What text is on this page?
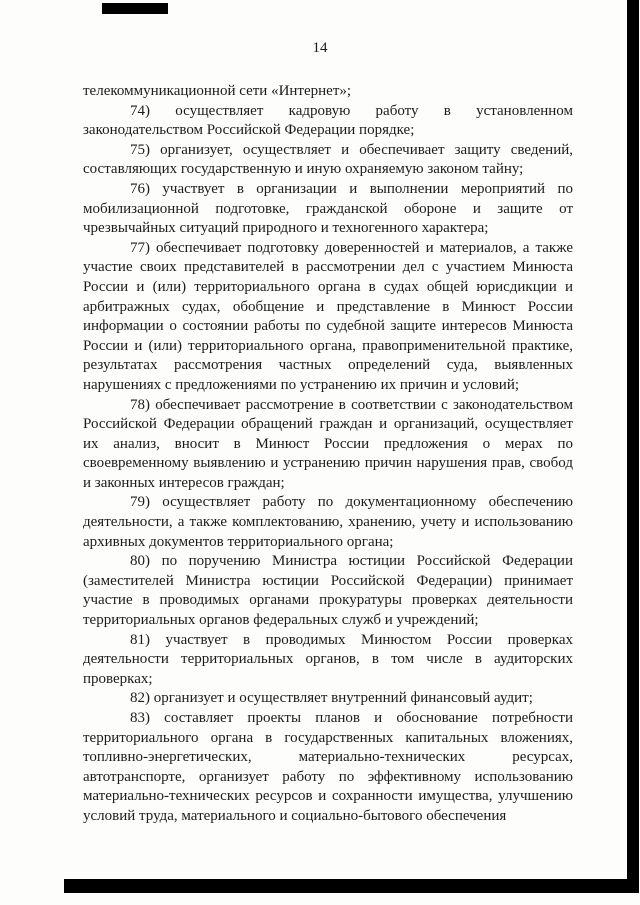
14

телекоммуникационной сети «Интернет»;

74) осуществляет кадровую работу в установленном законодательством Российской Федерации порядке;

75) организует, осуществляет и обеспечивает защиту сведений, составляющих государственную и иную охраняемую законом тайну;

76) участвует в организации и выполнении мероприятий по мобилизационной подготовке, гражданской обороне и защите от чрезвычайных ситуаций природного и техногенного характера;

77) обеспечивает подготовку доверенностей и материалов, а также участие своих представителей в рассмотрении дел с участием Минюста России и (или) территориального органа в судах общей юрисдикции и арбитражных судах, обобщение и представление в Минюст России информации о состоянии работы по судебной защите интересов Минюста России и (или) территориального органа, правоприменительной практике, результатах рассмотрения частных определений суда, выявленных нарушениях с предложениями по устранению их причин и условий;

78) обеспечивает рассмотрение в соответствии с законодательством Российской Федерации обращений граждан и организаций, осуществляет их анализ, вносит в Минюст России предложения о мерах по своевременному выявлению и устранению причин нарушения прав, свобод и законных интересов граждан;

79) осуществляет работу по документационному обеспечению деятельности, а также комплектованию, хранению, учету и использованию архивных документов территориального органа;

80) по поручению Министра юстиции Российской Федерации (заместителей Министра юстиции Российской Федерации) принимает участие в проводимых органами прокуратуры проверках деятельности территориальных органов федеральных служб и учреждений;

81) участвует в проводимых Минюстом России проверках деятельности территориальных органов, в том числе в аудиторских проверках;

82) организует и осуществляет внутренний финансовый аудит;

83) составляет проекты планов и обоснование потребности территориального органа в государственных капитальных вложениях, топливно-энергетических, материально-технических ресурсах, автотранспорте, организует работу по эффективному использованию материально-технических ресурсов и сохранности имущества, улучшению условий труда, материального и социально-бытового обеспечения
